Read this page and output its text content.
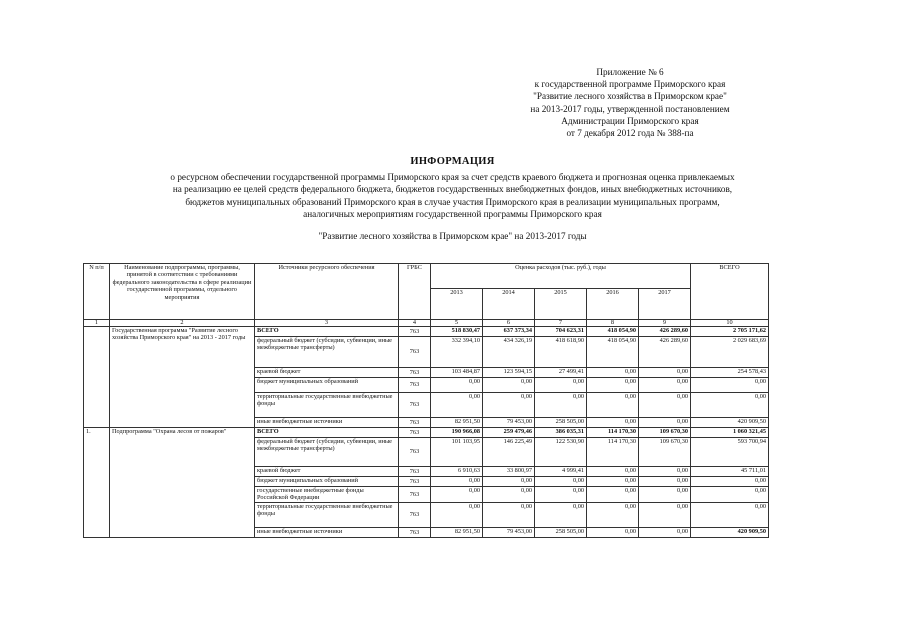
Приложение № 6
к государственной программе Приморского края
"Развитие лесного хозяйства в Приморском крае"
на 2013-2017 годы, утвержденной постановлением
Администрации Приморского края
от 7 декабря 2012 года № 388-па
ИНФОРМАЦИЯ
о ресурсном обеспечении государственной программы Приморского края за счет средств краевого бюджета и прогнозная оценка привлекаемых
на реализацию ее целей средств федерального бюджета, бюджетов государственных внебюджетных фондов, иных внебюджетных источников,
бюджетов муниципальных образований Приморского края в случае участия Приморского края в реализации муниципальных программ,
аналогичных мероприятиям государственной программы Приморского края
"Развитие лесного хозяйства в Приморском крае" на 2013-2017 годы
N п/п	Наименование подпрограммы, программы, принятой в соответствии с требованиями федерального законодательства в сфере реализации государственной программы, отдельного мероприятия	Источники ресурсного обеспечения	ГРБС	Оценка расходов (тыс. руб.), годы					ВСЕГО
				2013	2014	2015	2016	2017	
1	2	3	4	5	6	7	8	9	10
	Государственная программа "Развитие лесного хозяйства Приморского края" на 2013 - 2017 годы	ВСЕГО	763	518 830,47	637 373,34	704 623,31	418 054,90	426 289,60	2 705 171,62
		федеральный бюджет (субсидии, субвенции, иные межбюджетные трансферты)	763	332 394,10	434 326,19	418 618,90	418 054,90	426 289,60	2 029 683,69
		краевой бюджет	763	103 484,87	123 594,15	27 499,41	0,00	0,00	254 578,43
		бюджет муниципальных образований	763	0,00	0,00	0,00	0,00	0,00	0,00
		территориальные государственные внебюджетные фонды	763	0,00	0,00	0,00	0,00	0,00	0,00
		иные внебюджетные источники	763	82 951,50	79 453,00	258 505,00	0,00	0,00	420 909,50
1.	Подпрограмма "Охрана лесов от пожаров"	ВСЕГО	763	190 966,08	259 479,46	386 035,31	114 170,30	109 670,30	1 060 321,45
		федеральный бюджет (субсидии, субвенции, иные межбюджетные трансферты)	763	101 103,95	146 225,49	122 530,90	114 170,30	109 670,30	593 700,94
		краевой бюджет	763	6 910,63	33 800,97	4 999,41	0,00	0,00	45 711,01
		бюджет муниципальных образований	763	0,00	0,00	0,00	0,00	0,00	0,00
		государственные внебюджетные фонды Российской Федерации	763	0,00	0,00	0,00	0,00	0,00	0,00
		территориальные государственные внебюджетные фонды	763	0,00	0,00	0,00	0,00	0,00	0,00
		иные внебюджетные источники	763	82 951,50	79 453,00	258 505,00	0,00	0,00	420 909,50
